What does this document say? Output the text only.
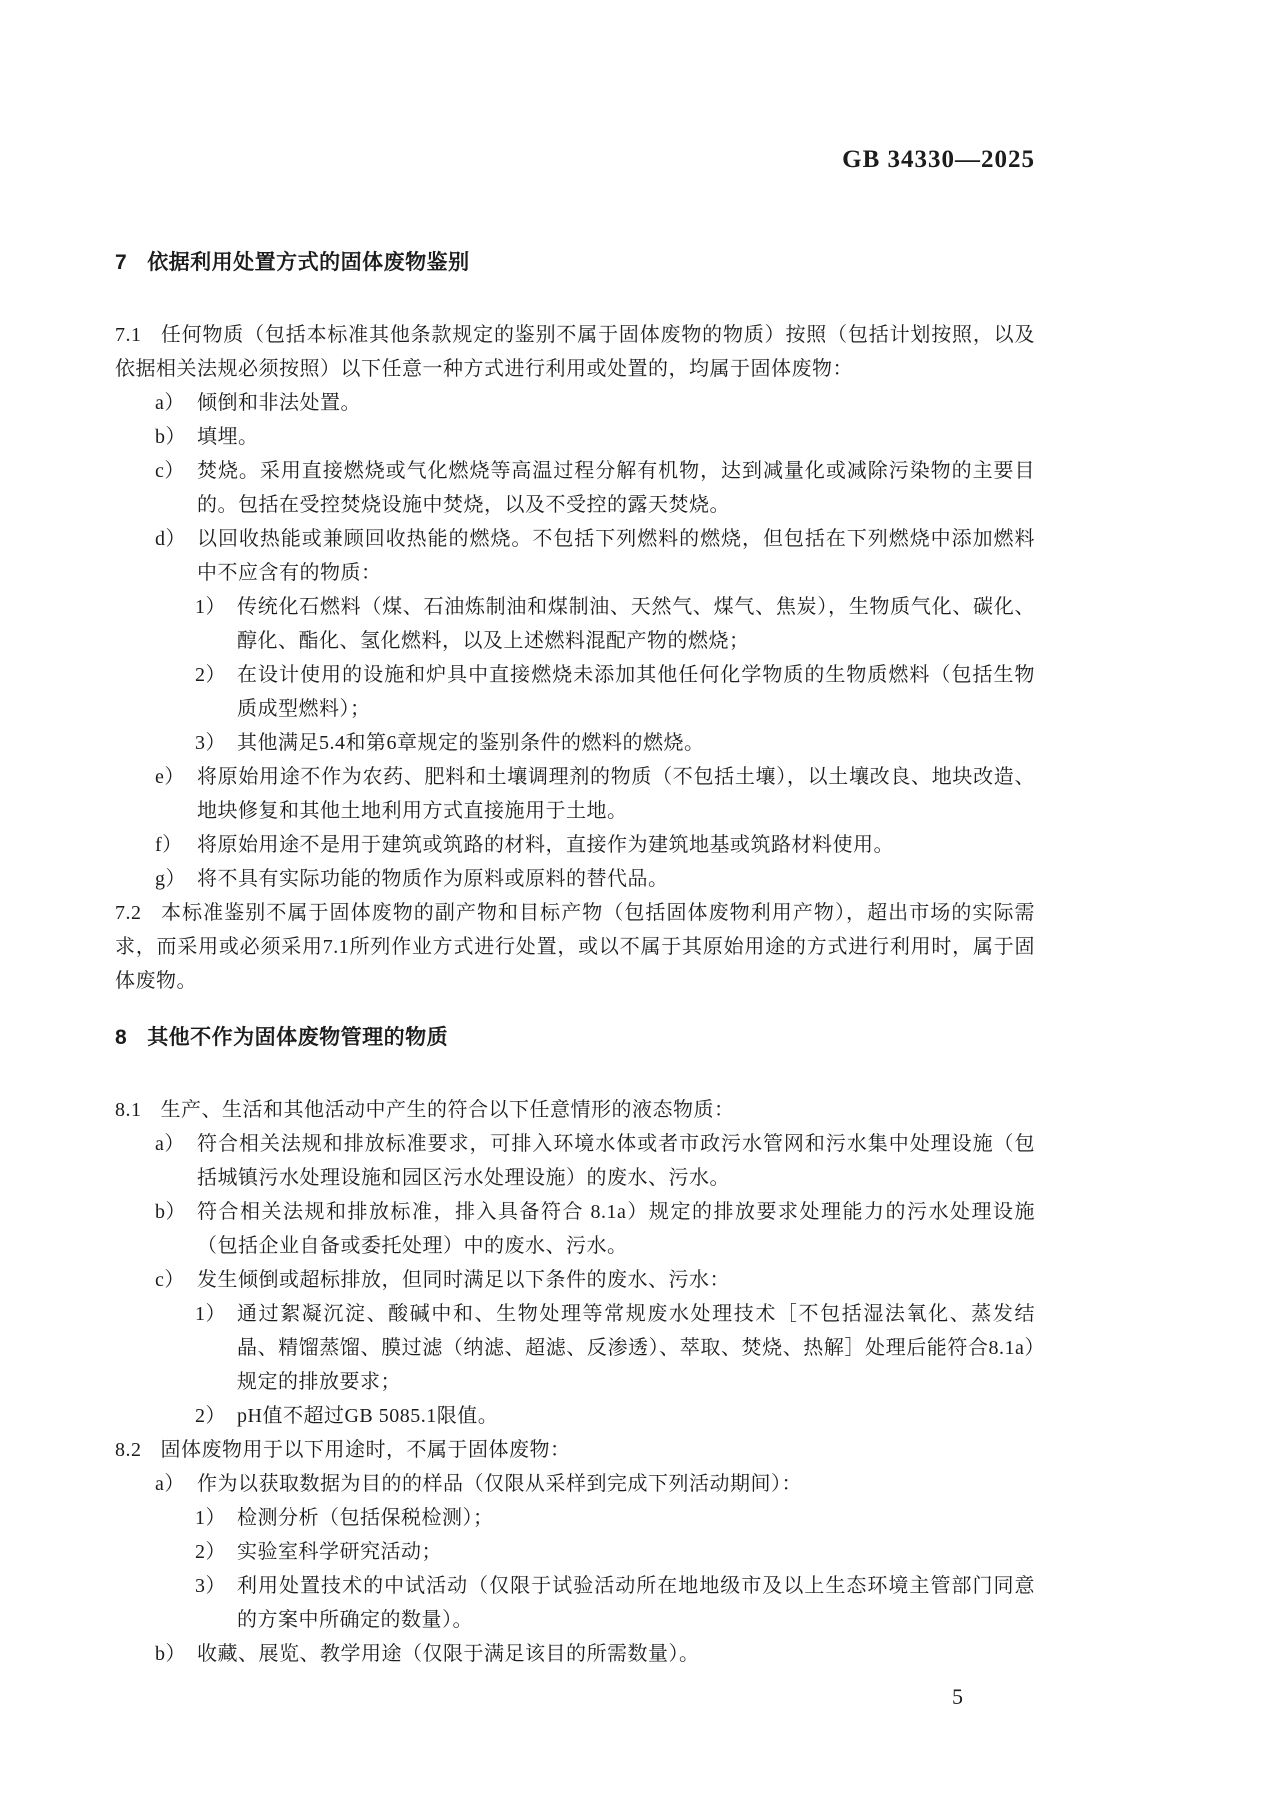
GB 34330—2025
7 依据利用处置方式的固体废物鉴别
7.1 任何物质（包括本标准其他条款规定的鉴别不属于固体废物的物质）按照（包括计划按照，以及依据相关法规必须按照）以下任意一种方式进行利用或处置的，均属于固体废物：
a） 倾倒和非法处置。
b） 填埋。
c） 焚烧。采用直接燃烧或气化燃烧等高温过程分解有机物，达到减量化或减除污染物的主要目的。包括在受控焚烧设施中焚烧，以及不受控的露天焚烧。
d） 以回收热能或兼顾回收热能的燃烧。不包括下列燃料的燃烧，但包括在下列燃烧中添加燃料中不应含有的物质：
1） 传统化石燃料（煤、石油炼制油和煤制油、天然气、煤气、焦炭），生物质气化、碳化、醇化、酯化、氢化燃料，以及上述燃料混配产物的燃烧；
2） 在设计使用的设施和炉具中直接燃烧未添加其他任何化学物质的生物质燃料（包括生物质成型燃料）；
3） 其他满足5.4和第6章规定的鉴别条件的燃料的燃烧。
e） 将原始用途不作为农药、肥料和土壤调理剂的物质（不包括土壤），以土壤改良、地块改造、地块修复和其他土地利用方式直接施用于土地。
f） 将原始用途不是用于建筑或筑路的材料，直接作为建筑地基或筑路材料使用。
g） 将不具有实际功能的物质作为原料或原料的替代品。
7.2 本标准鉴别不属于固体废物的副产物和目标产物（包括固体废物利用产物），超出市场的实际需求，而采用或必须采用7.1所列作业方式进行处置，或以不属于其原始用途的方式进行利用时，属于固体废物。
8 其他不作为固体废物管理的物质
8.1 生产、生活和其他活动中产生的符合以下任意情形的液态物质：
a） 符合相关法规和排放标准要求，可排入环境水体或者市政污水管网和污水集中处理设施（包括城镇污水处理设施和园区污水处理设施）的废水、污水。
b） 符合相关法规和排放标准，排入具备符合 8.1a）规定的排放要求处理能力的污水处理设施（包括企业自备或委托处理）中的废水、污水。
c） 发生倾倒或超标排放，但同时满足以下条件的废水、污水：
1） 通过絮凝沉淀、酸碱中和、生物处理等常规废水处理技术［不包括湿法氧化、蒸发结晶、精馏蒸馏、膜过滤（纳滤、超滤、反渗透）、萃取、焚烧、热解］处理后能符合8.1a）规定的排放要求；
2） pH值不超过GB 5085.1限值。
8.2 固体废物用于以下用途时，不属于固体废物：
a） 作为以获取数据为目的的样品（仅限从采样到完成下列活动期间）：
1） 检测分析（包括保税检测）；
2） 实验室科学研究活动；
3） 利用处置技术的中试活动（仅限于试验活动所在地地级市及以上生态环境主管部门同意的方案中所确定的数量）。
b） 收藏、展览、教学用途（仅限于满足该目的所需数量）。
5
